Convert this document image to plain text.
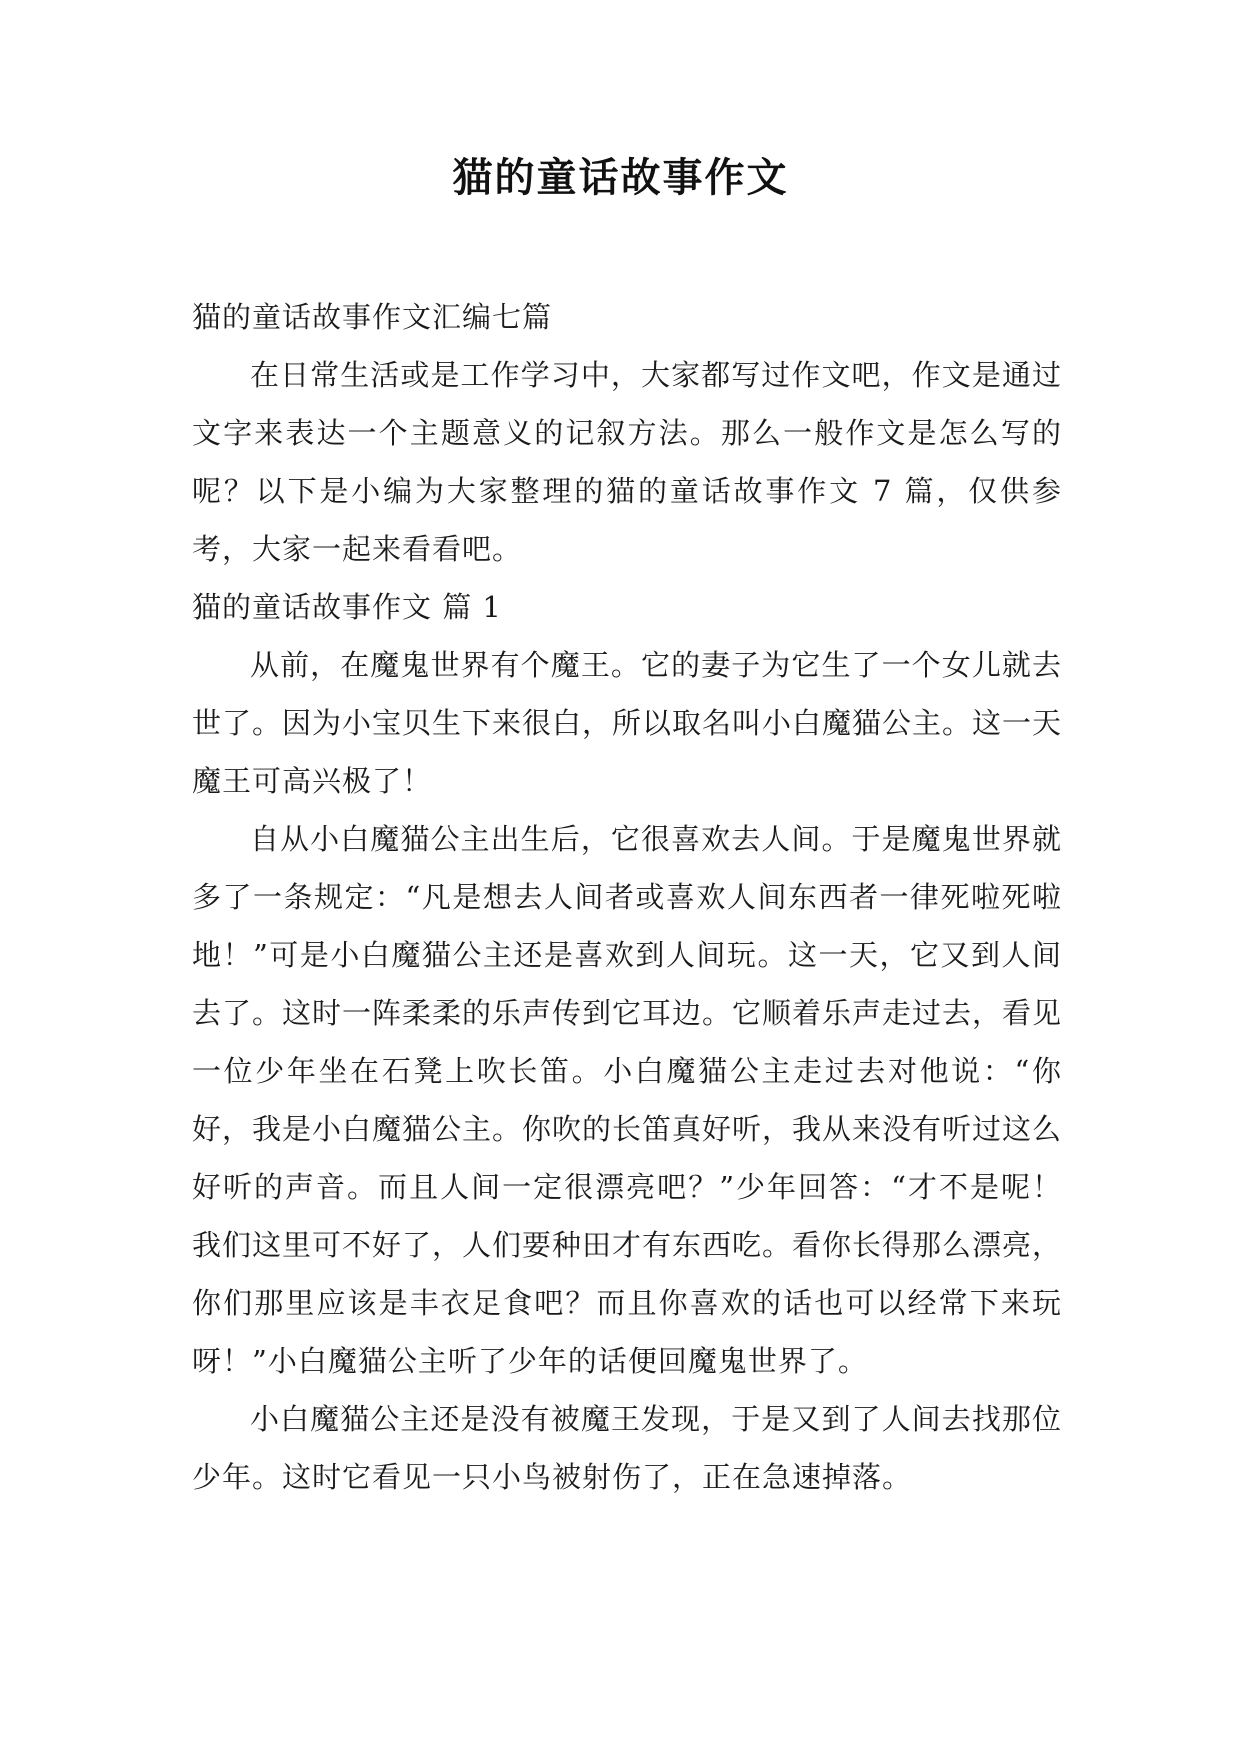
猫的童话故事作文

猫的童话故事作文汇编七篇

在日常生活或是工作学习中，大家都写过作文吧，作文是通过文字来表达一个主题意义的记叙方法。那么一般作文是怎么写的呢？以下是小编为大家整理的猫的童话故事作文 7 篇，仅供参考，大家一起来看看吧。

猫的童话故事作文 篇 1

从前，在魔鬼世界有个魔王。它的妻子为它生了一个女儿就去世了。因为小宝贝生下来很白，所以取名叫小白魔猫公主。这一天魔王可高兴极了！

自从小白魔猫公主出生后，它很喜欢去人间。于是魔鬼世界就多了一条规定：“凡是想去人间者或喜欢人间东西者一律死啦死啦地！”可是小白魔猫公主还是喜欢到人间玩。这一天，它又到人间去了。这时一阵柔柔的乐声传到它耳边。它顺着乐声走过去，看见一位少年坐在石凳上吹长笛。小白魔猫公主走过去对他说：“你好，我是小白魔猫公主。你吹的长笛真好听，我从来没有听过这么好听的声音。而且人间一定很漂亮吧？”少年回答：“才不是呢！我们这里可不好了，人们要种田才有东西吃。看你长得那么漂亮，你们那里应该是丰衣足食吧？而且你喜欢的话也可以经常下来玩呀！”小白魔猫公主听了少年的话便回魔鬼世界了。

小白魔猫公主还是没有被魔王发现，于是又到了人间去找那位少年。这时它看见一只小鸟被射伤了，正在急速掉落。
